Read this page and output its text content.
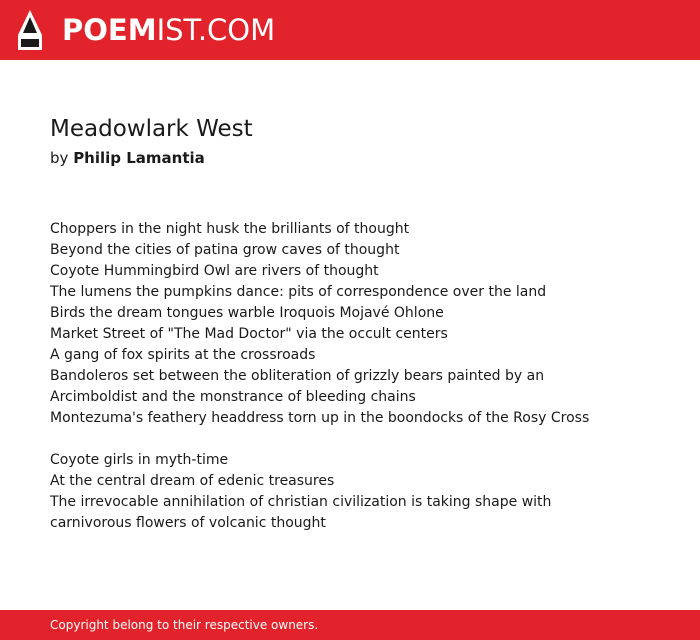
POEMIST.COM
Meadowlark West
by Philip Lamantia
Choppers in the night husk the brilliants of thought
Beyond the cities of patina grow caves of thought
Coyote Hummingbird Owl are rivers of thought
The lumens the pumpkins dance: pits of correspondence over the land
Birds the dream tongues warble Iroquois Mojavé Ohlone
Market Street of "The Mad Doctor" via the occult centers
A gang of fox spirits at the crossroads
Bandoleros set between the obliteration of grizzly bears painted by an
Arcimboldist and the monstrance of bleeding chains
Montezuma's feathery headdress torn up in the boondocks of the Rosy Cross
Coyote girls in myth-time
At the central dream of edenic treasures
The irrevocable annihilation of christian civilization is taking shape with
carnivorous flowers of volcanic thought
Copyright belong to their respective owners.
